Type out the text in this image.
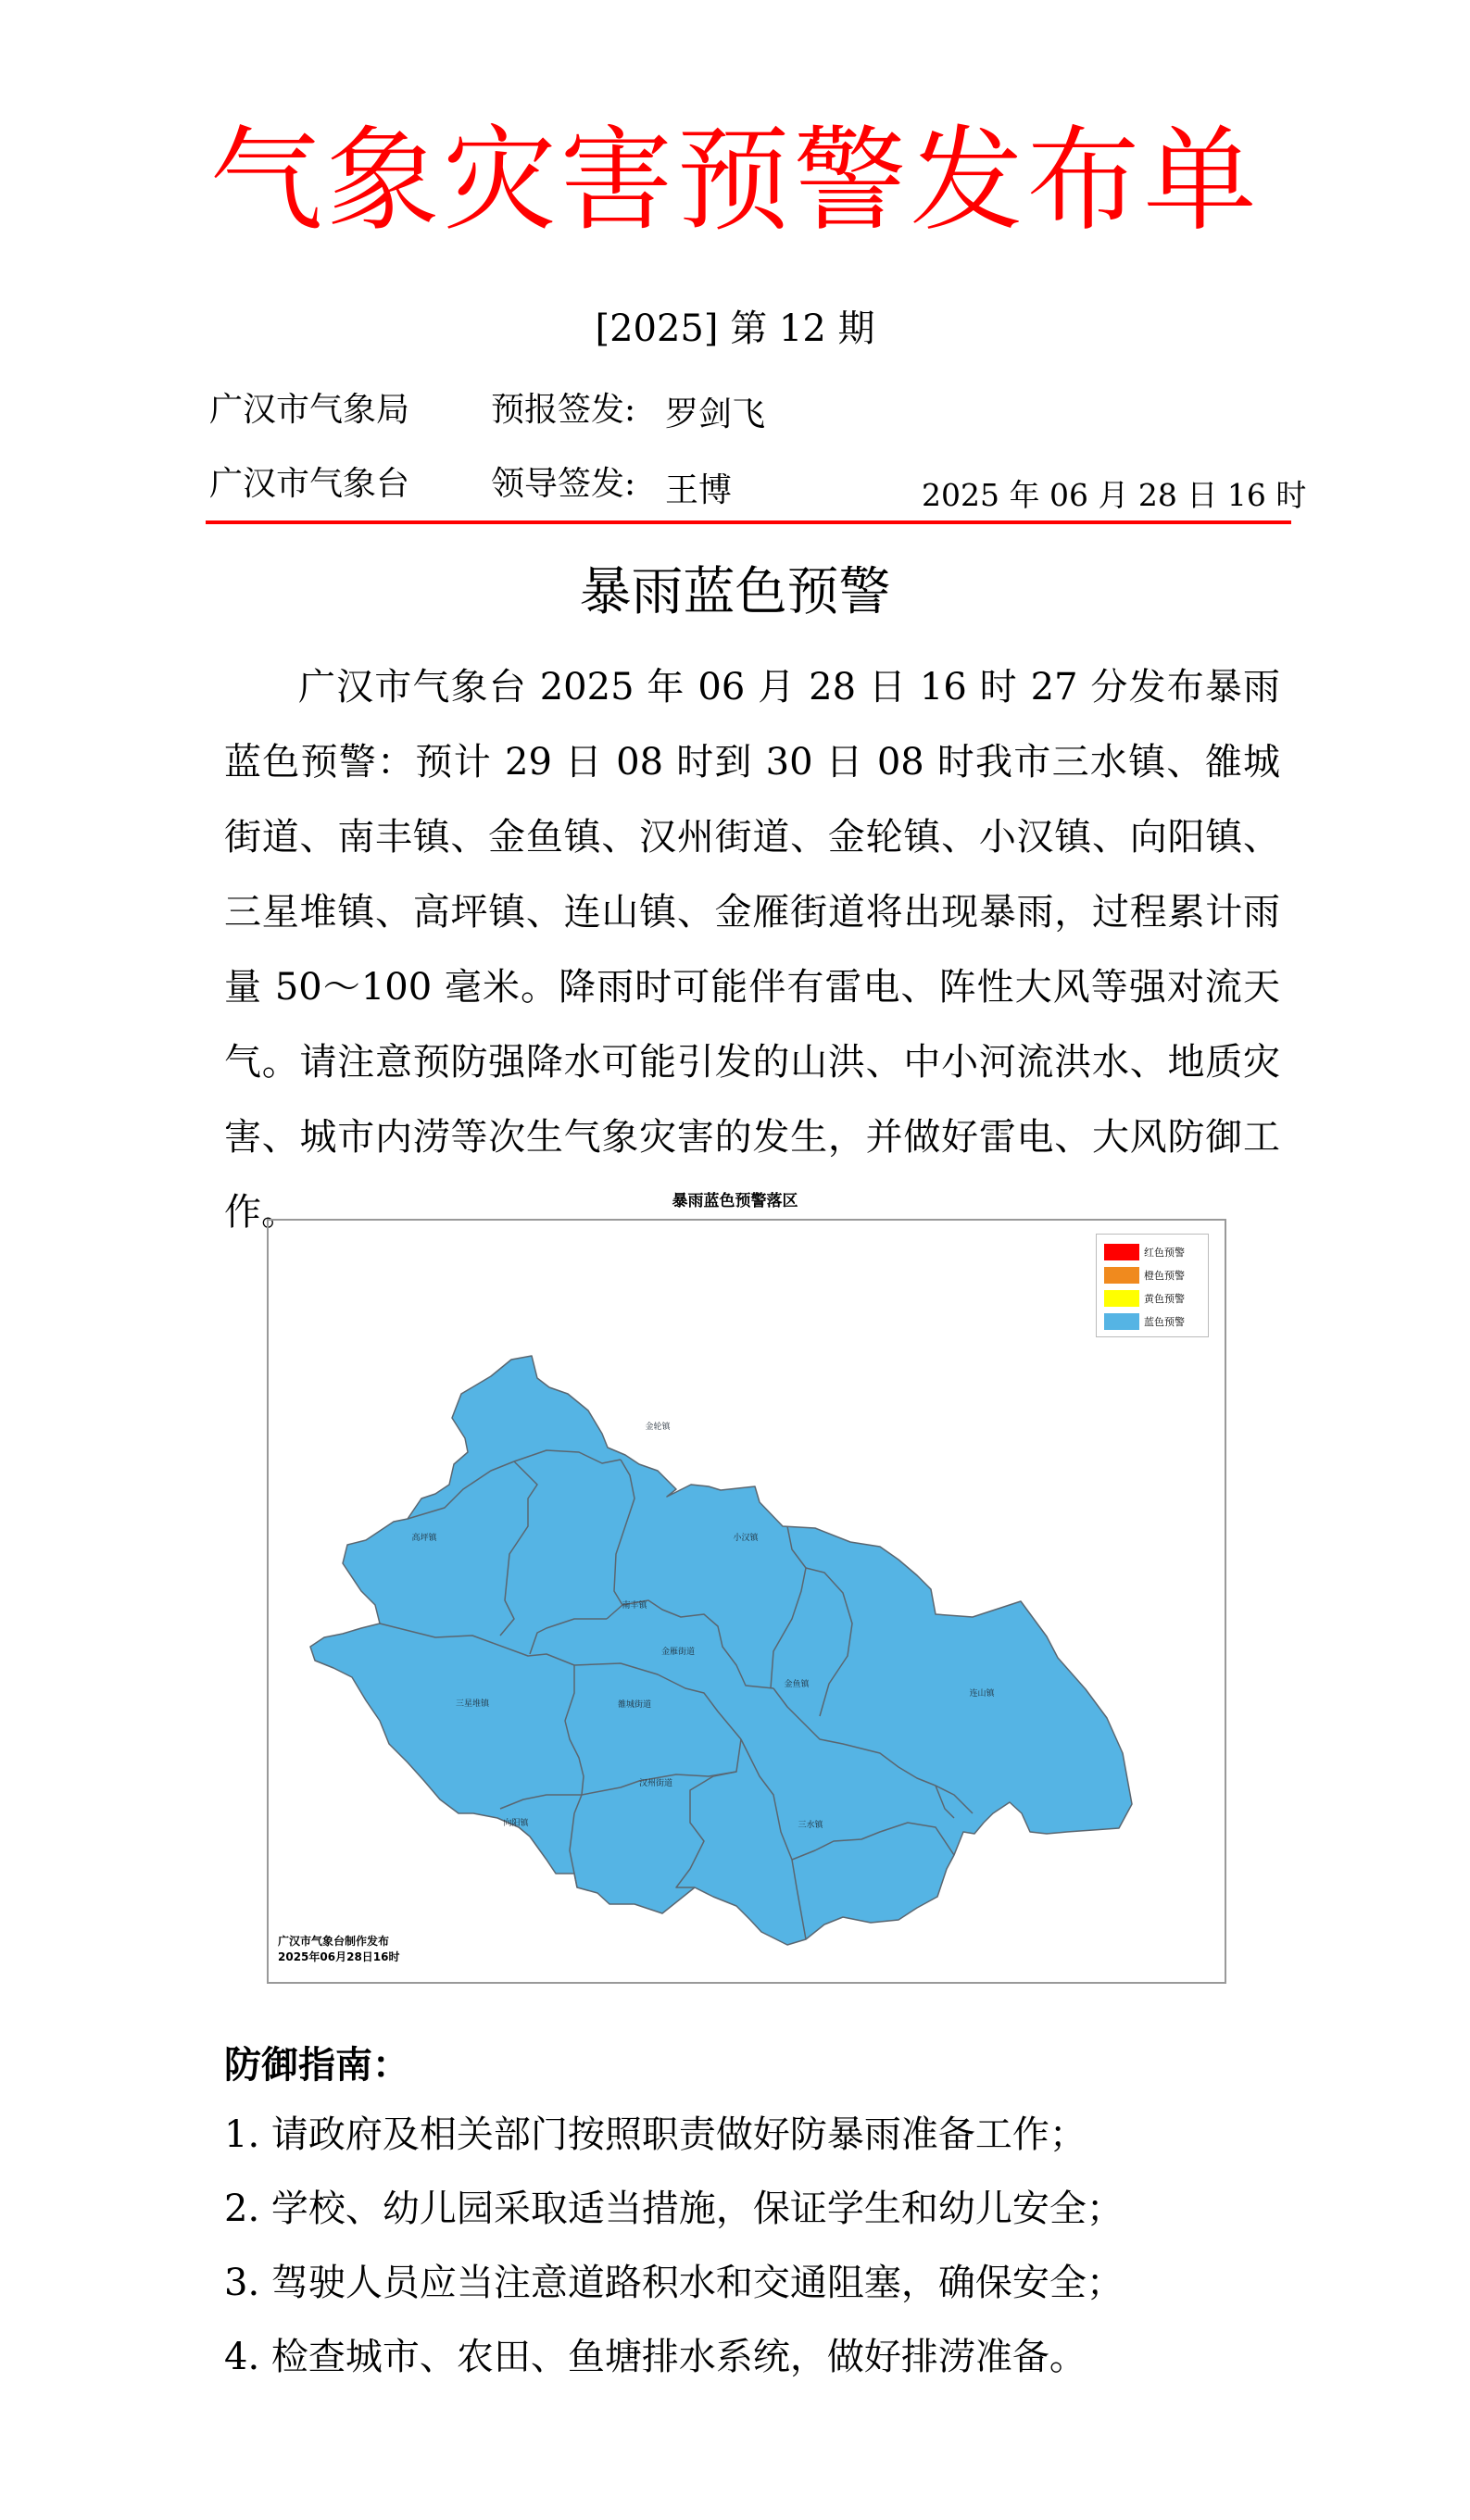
气象灾害预警发布单
[2025] 第 12 期
广汉市气象局 预报签发: 罗剑飞
广汉市气象台 领导签发: 王博	2025 年 06 月 28 日 16 时
暴雨蓝色预警

广汉市气象台 2025 年 06 月 28 日 16 时 27 分发布暴雨蓝色预警：预计 29 日 08 时到 30 日 08 时我市三水镇、雒城街道、南丰镇、金鱼镇、汉州街道、金轮镇、小汉镇、向阳镇、三星堆镇、高坪镇、连山镇、金雁街道将出现暴雨，过程累计雨量 50～100 毫米。降雨时可能伴有雷电、阵性大风等强对流天气。请注意预防强降水可能引发的山洪、中小河流洪水、地质灾害、城市内涝等次生气象灾害的发生，并做好雷电、大风防御工作。	暴雨蓝色预警落区
金轮镇
高坪镇	小汉镇
南丰镇
金雁街道
三星堆镇	雒城街道
金鱼镇
连山镇
汉州街道
向阳镇	三水镇
红色预警
橙色预警
黄色预警
蓝色预警
广汉市气象台制作发布
2025年06月28日16时
防御指南：
1. 请政府及相关部门按照职责做好防暴雨准备工作；
2. 学校、幼儿园采取适当措施，保证学生和幼儿安全；
3. 驾驶人员应当注意道路积水和交通阻塞，确保安全；
4. 检查城市、农田、鱼塘排水系统，做好排涝准备。
